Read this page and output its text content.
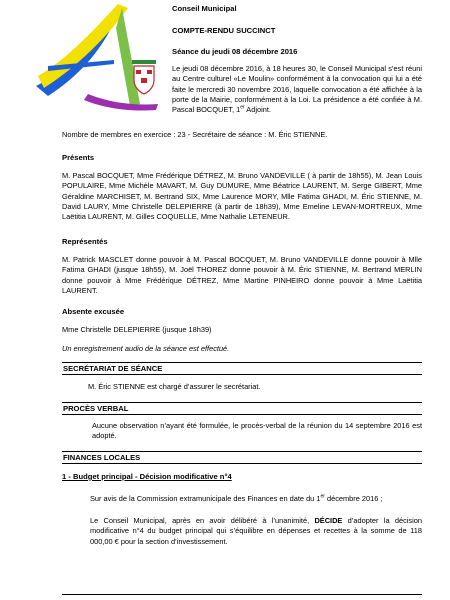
Conseil Municipal
COMPTE-RENDU SUCCINCT
Séance du jeudi 08 décembre 2016
Le jeudi 08 décembre 2016, à 18 heures 30, le Conseil Municipal s’est réuni au Centre culturel «Le Moulin» conformément à la convocation qui lui a été faite le mercredi 30 novembre 2016, laquelle convocation a été affichée à la porte de la Mairie, conformément à la Loi. La présidence a été confiée à M. Pascal BOCQUET, 1er Adjoint.
Nombre de membres en exercice : 23 - Secrétaire de séance : M. Éric STIENNE.
Présents
M. Pascal BOCQUET, Mme Frédérique DÉTREZ, M. Bruno VANDEVILLE ( à partir de 18h55), M. Jean Louis POPULAIRE, Mme Michèle MAVART, M. Guy DUMURE, Mme Béatrice LAURENT, M. Serge GIBERT, Mme Géraldine MARCHISET, M. Bertrand SIX, Mme Laurence MORY, Mlle Fatima GHADI, M. Éric STIENNE, M. David LAURY, Mme Christelle DELEPIERRE (à partir de 18h39), Mme Emeline LEVAN-MORTREUX, Mme Laëtitia LAURENT, M. Gilles COQUELLE, Mme Nathalie LETENEUR.
Représentés
M. Patrick MASCLET donne pouvoir à M. Pascal BOCQUET, M. Bruno VANDEVILLE donne pouvoir à Mlle Fatima GHADI (jusque 18h55), M. Joël THOREZ donne pouvoir à M. Éric STIENNE, M. Bertrand MERLIN donne pouvoir à Mme Frédérique DÉTREZ, Mme Martine PINHEIRO donne pouvoir à Mme Laëtitia LAURENT.
Absente excusée
Mme Christelle DELEPIERRE (jusque 18h39)
Un enregistrement audio de la séance est effectué.
SECRÉTARIAT DE SÉANCE
M. Éric STIENNE est chargé d’assurer le secrétariat.
PROCÈS VERBAL
Aucune observation n’ayant été formulée, le procès-verbal de la réunion du 14 septembre 2016 est adopté.
FINANCES LOCALES
1 - Budget principal - Décision modificative n°4
Sur avis de la Commission extramunicipale des Finances en date du 1er décembre 2016 ;
Le Conseil Municipal, après en avoir délibéré à l’unanimité, DÉCIDE d’adopter la décision modificative n°4 du budget principal qui s’équilibre en dépenses et recettes à la somme de 118 000,00 € pour la section d’investissement.
